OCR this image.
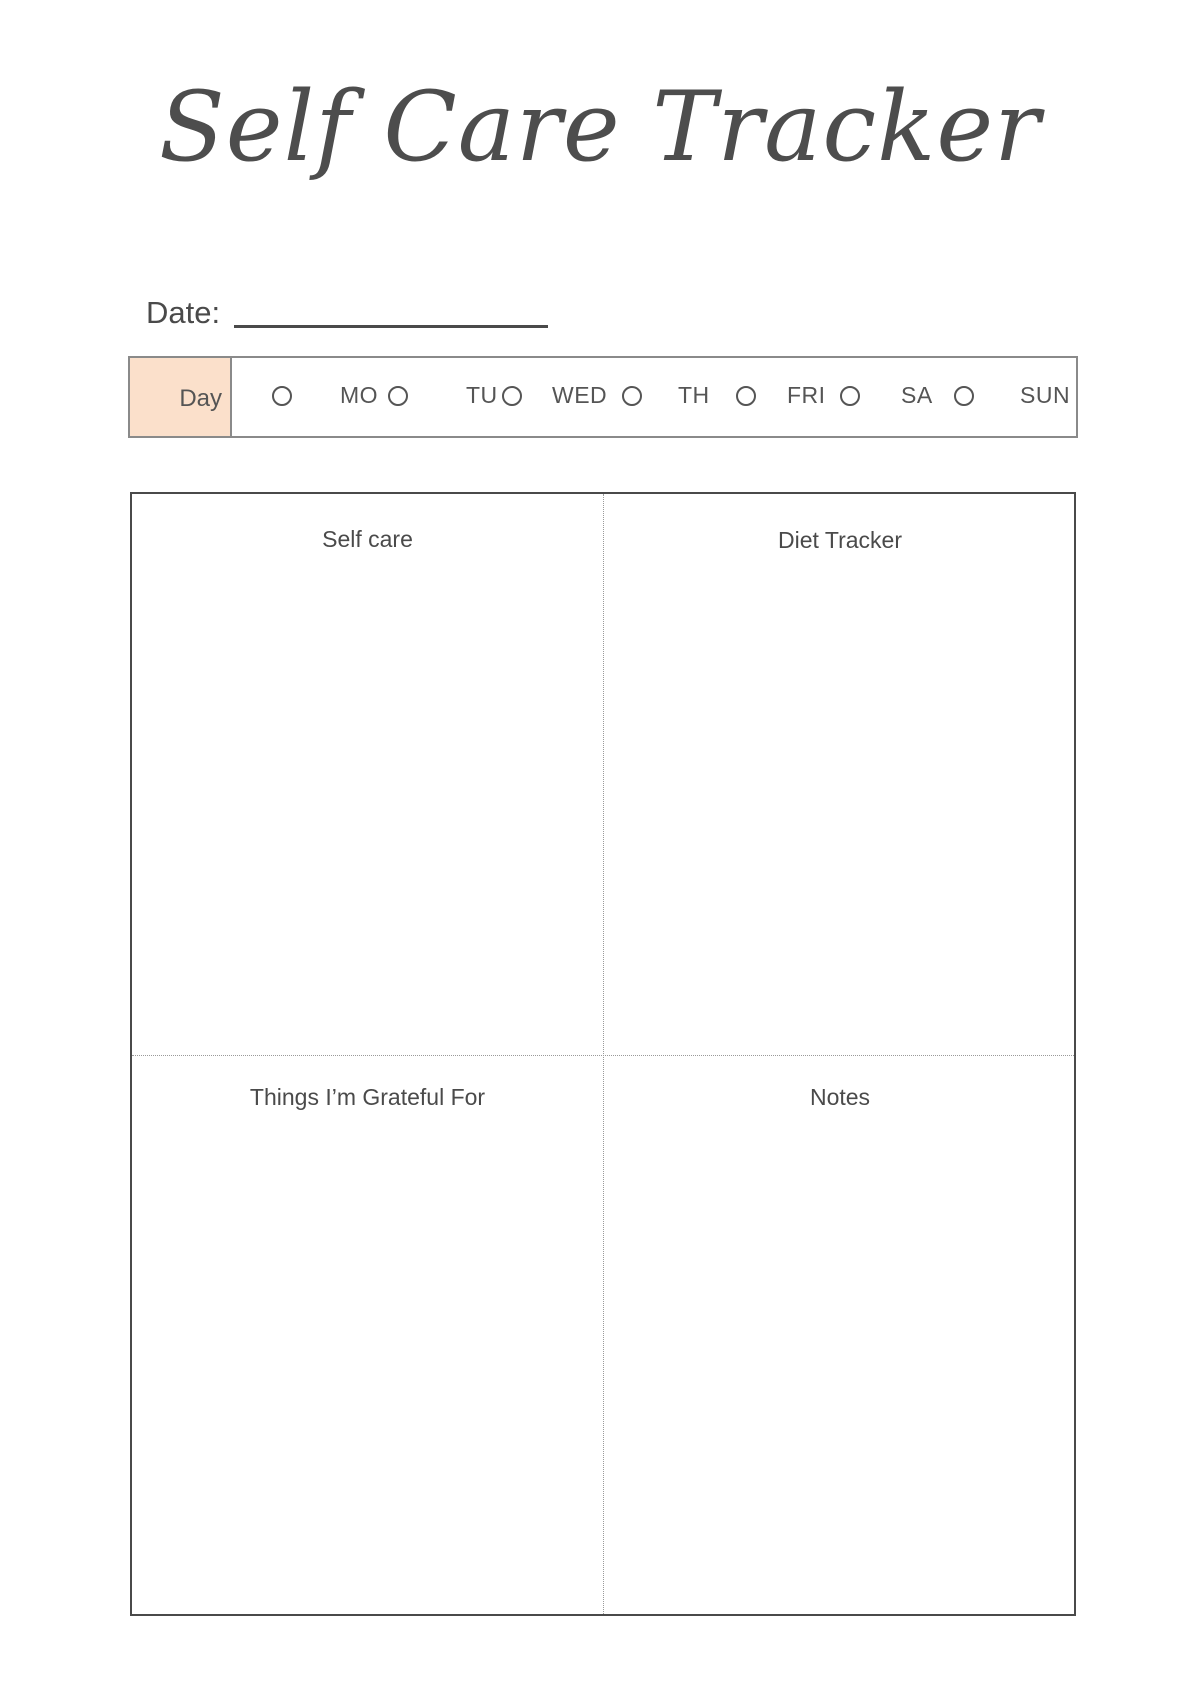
Self Care Tracker
Date:
Day	MO	TU WED	TH	FRI	SA	SUN
Self care	Diet Tracker
Things I’m Grateful For	Notes
